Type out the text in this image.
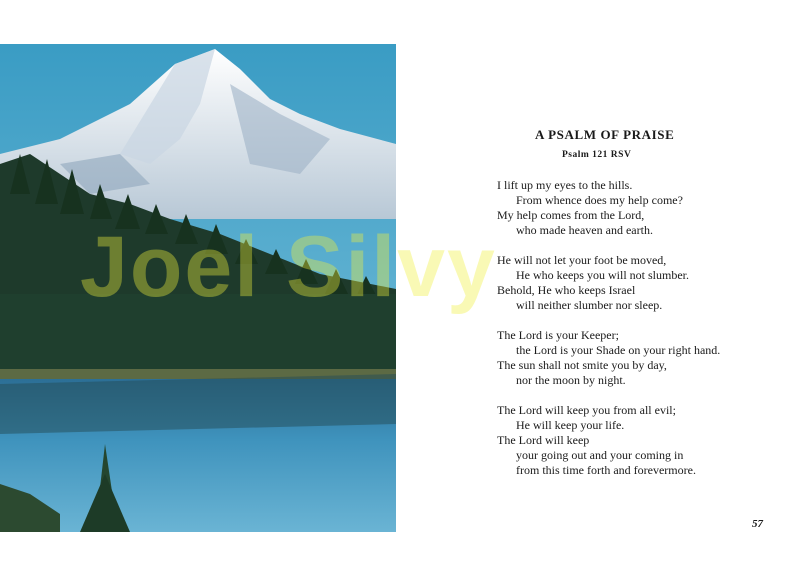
A PSALM OF PRAISE
Psalm 121 RSV
I lift up my eyes to the hills.
From whence does my help come?
My help comes from the Lord,
who made heaven and earth.
He will not let your foot be moved,
He who keeps you will not slumber.
Behold, He who keeps Israel
will neither slumber nor sleep.
The Lord is your Keeper;
the Lord is your Shade on your right hand.
The sun shall not smite you by day,
nor the moon by night.
The Lord will keep you from all evil;
He will keep your life.
The Lord will keep
your going out and your coming in
from this time forth and forevermore.
57
Joel Silvy
